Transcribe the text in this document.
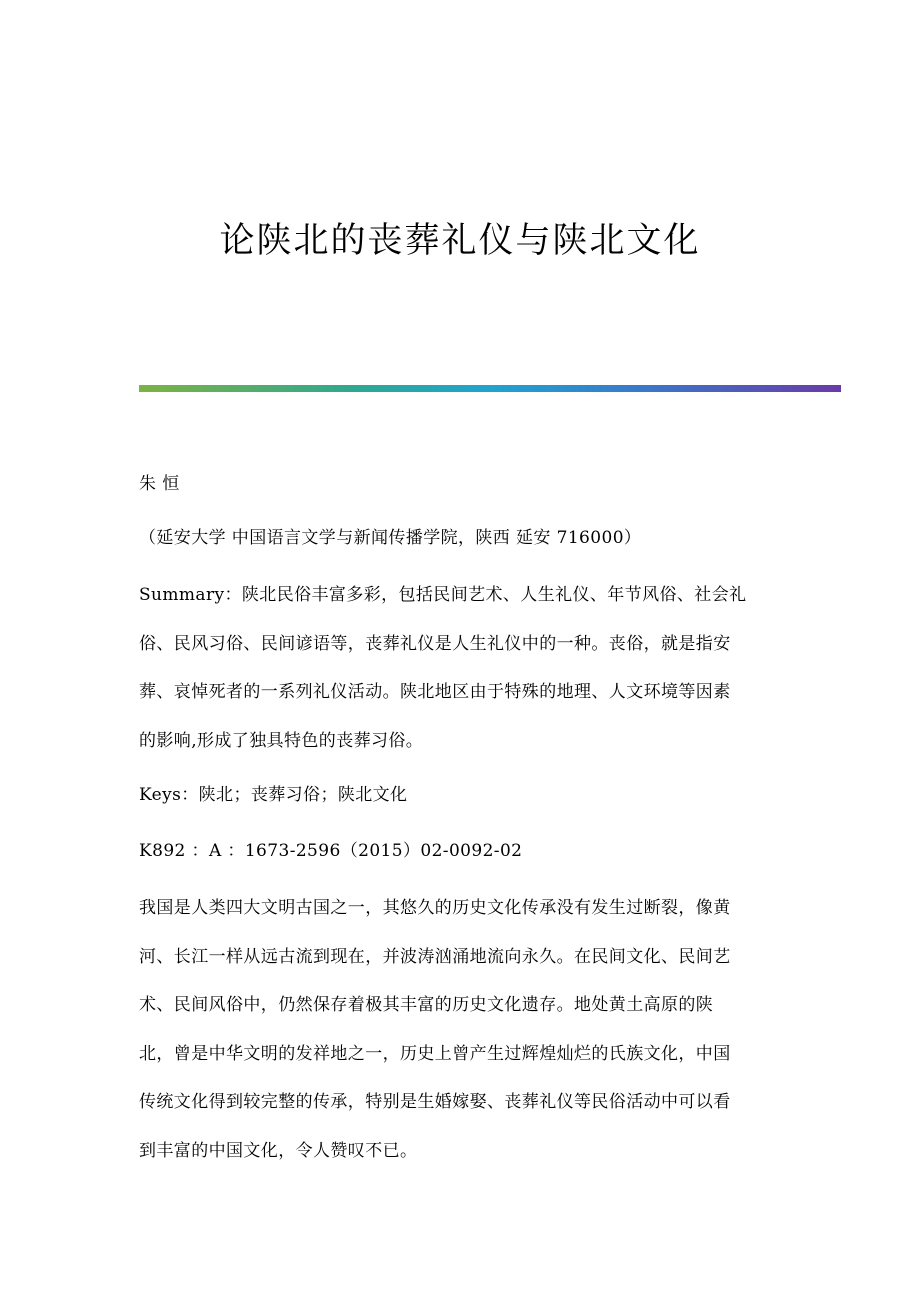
论陕北的丧葬礼仪与陕北文化
朱 恒
（延安大学 中国语言文学与新闻传播学院，陕西 延安 716000）
Summary：陕北民俗丰富多彩，包括民间艺术、人生礼仪、年节风俗、社会礼
俗、民风习俗、民间谚语等，丧葬礼仪是人生礼仪中的一种。丧俗，就是指安
葬、哀悼死者的一系列礼仪活动。陕北地区由于特殊的地理、人文环境等因素
的影响,形成了独具特色的丧葬习俗。
Keys：陕北；丧葬习俗；陕北文化
K892 ：A ：1673-2596（2015）02-0092-02
我国是人类四大文明古国之一，其悠久的历史文化传承没有发生过断裂，像黄
河、长江一样从远古流到现在，并波涛汹涌地流向永久。在民间文化、民间艺
术、民间风俗中，仍然保存着极其丰富的历史文化遗存。地处黄土高原的陕
北，曾是中华文明的发祥地之一，历史上曾产生过辉煌灿烂的氏族文化，中国
传统文化得到较完整的传承，特别是生婚嫁娶、丧葬礼仪等民俗活动中可以看
到丰富的中国文化，令人赞叹不已。
